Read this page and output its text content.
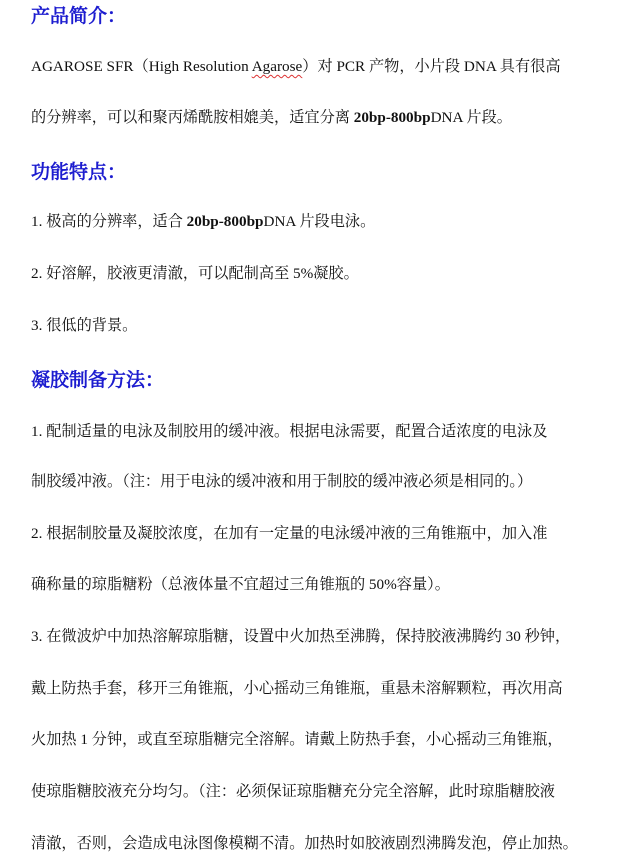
产品简介：
AGAROSE SFR（High Resolution Agarose）对 PCR 产物，小片段 DNA 具有很高
的分辨率，可以和聚丙烯酰胺相媲美，适宜分离 20bp-800bpDNA 片段。
功能特点：
1. 极高的分辨率，适合 20bp-800bpDNA 片段电泳。
2. 好溶解，胶液更清澈，可以配制高至 5%凝胶。
3. 很低的背景。
凝胶制备方法：
1. 配制适量的电泳及制胶用的缓冲液。根据电泳需要，配置合适浓度的电泳及
制胶缓冲液。（注：用于电泳的缓冲液和用于制胶的缓冲液必须是相同的。）
2. 根据制胶量及凝胶浓度，在加有一定量的电泳缓冲液的三角锥瓶中，加入准
确称量的琼脂糖粉（总液体量不宜超过三角锥瓶的 50%容量）。
3. 在微波炉中加热溶解琼脂糖，设置中火加热至沸腾，保持胶液沸腾约 30 秒钟，
戴上防热手套，移开三角锥瓶，小心摇动三角锥瓶，重悬未溶解颗粒，再次用高
火加热 1 分钟，或直至琼脂糖完全溶解。请戴上防热手套，小心摇动三角锥瓶，
使琼脂糖胶液充分均匀。（注：必须保证琼脂糖充分完全溶解，此时琼脂糖胶液
清澈，否则，会造成电泳图像模糊不清。加热时如胶液剧烈沸腾发泡，停止加热。
